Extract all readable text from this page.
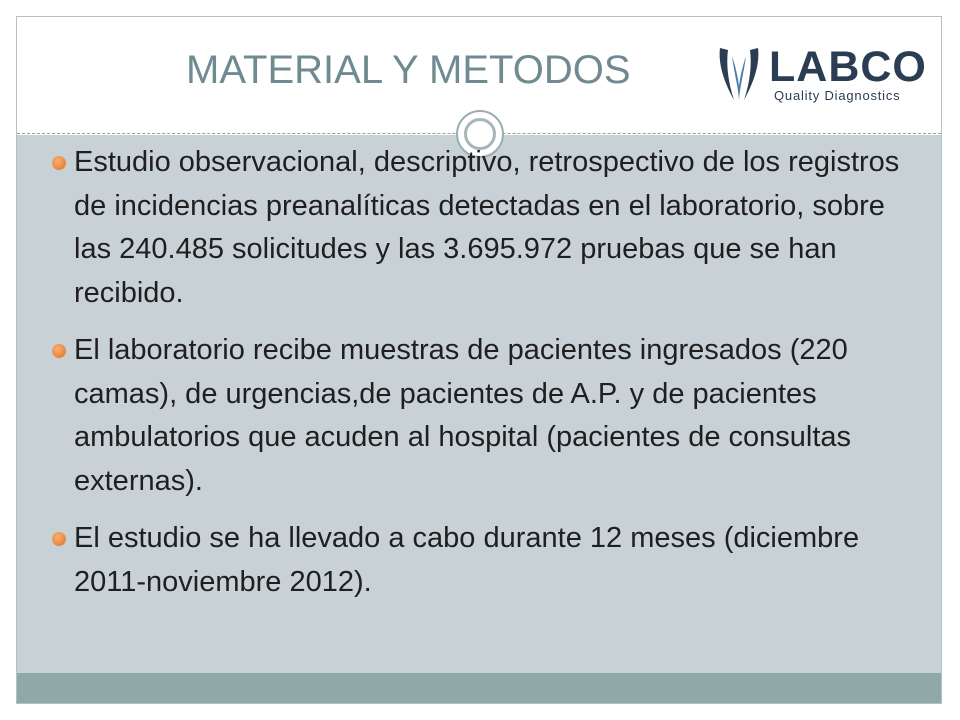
MATERIAL Y METODOS	LABCO
Quality Diagnostics
Estudio observacional, descriptivo, retrospectivo de los registros de incidencias preanalíticas detectadas en el laboratorio, sobre las 240.485 solicitudes y las 3.695.972 pruebas que se han recibido.
El laboratorio recibe muestras de pacientes ingresados (220 camas), de urgencias,de pacientes de A.P. y de pacientes ambulatorios que acuden al hospital (pacientes de consultas externas).
El estudio se ha llevado a cabo durante 12 meses (diciembre 2011-noviembre 2012).
